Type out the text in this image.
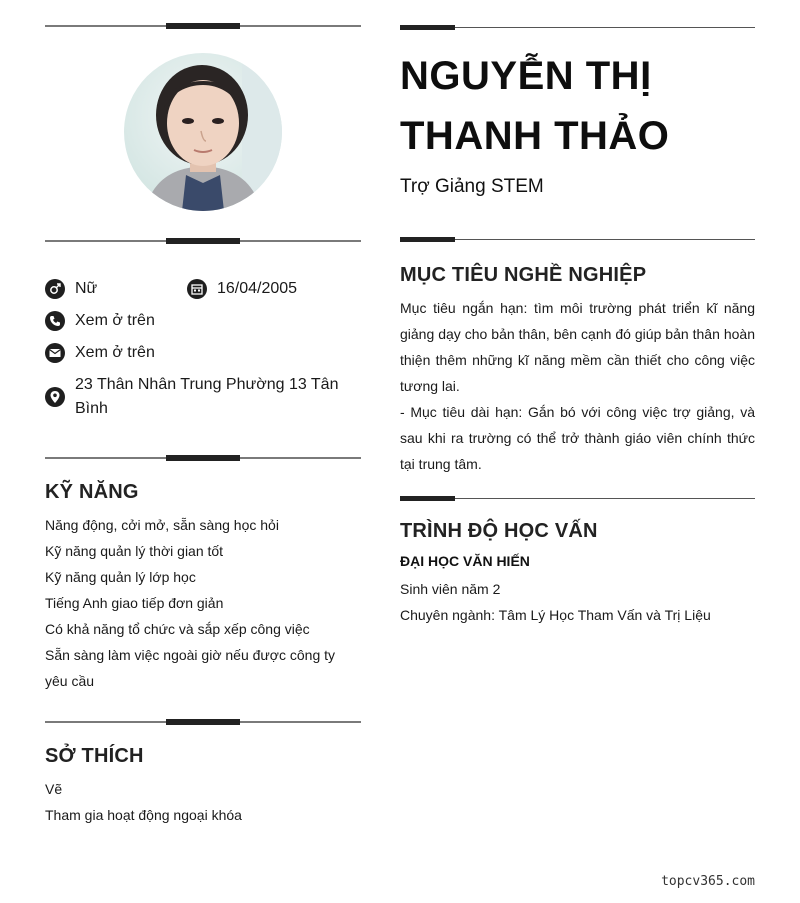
Nữ	16/04/2005
Xem ở trên
Xem ở trên
23 Thân Nhân Trung Phường 13 Tân Bình
KỸ NĂNG
Năng động, cởi mở, sẵn sàng học hỏi
Kỹ năng quản lý thời gian tốt
Kỹ năng quản lý lớp học
Tiếng Anh giao tiếp đơn giản
Có khả năng tổ chức và sắp xếp công việc
Sẵn sàng làm việc ngoài giờ nếu được công ty yêu cầu
SỞ THÍCH
Vẽ
Tham gia hoạt động ngoại khóa
NGUYỄN THỊ
THANH THẢO
Trợ Giảng STEM
MỤC TIÊU NGHỀ NGHIỆP
Mục tiêu ngắn hạn: tìm môi trường phát triển kĩ năng giảng dạy cho bản thân, bên cạnh đó giúp bản thân hoàn thiện thêm những kĩ năng mềm cần thiết cho công việc tương lai.
- Mục tiêu dài hạn: Gắn bó với công việc trợ giảng, và sau khi ra trường có thể trở thành giáo viên chính thức tại trung tâm.
TRÌNH ĐỘ HỌC VẤN
ĐẠI HỌC VĂN HIẾN
Sinh viên năm 2
Chuyên ngành: Tâm Lý Học Tham Vấn và Trị Liệu
topcv365.com
